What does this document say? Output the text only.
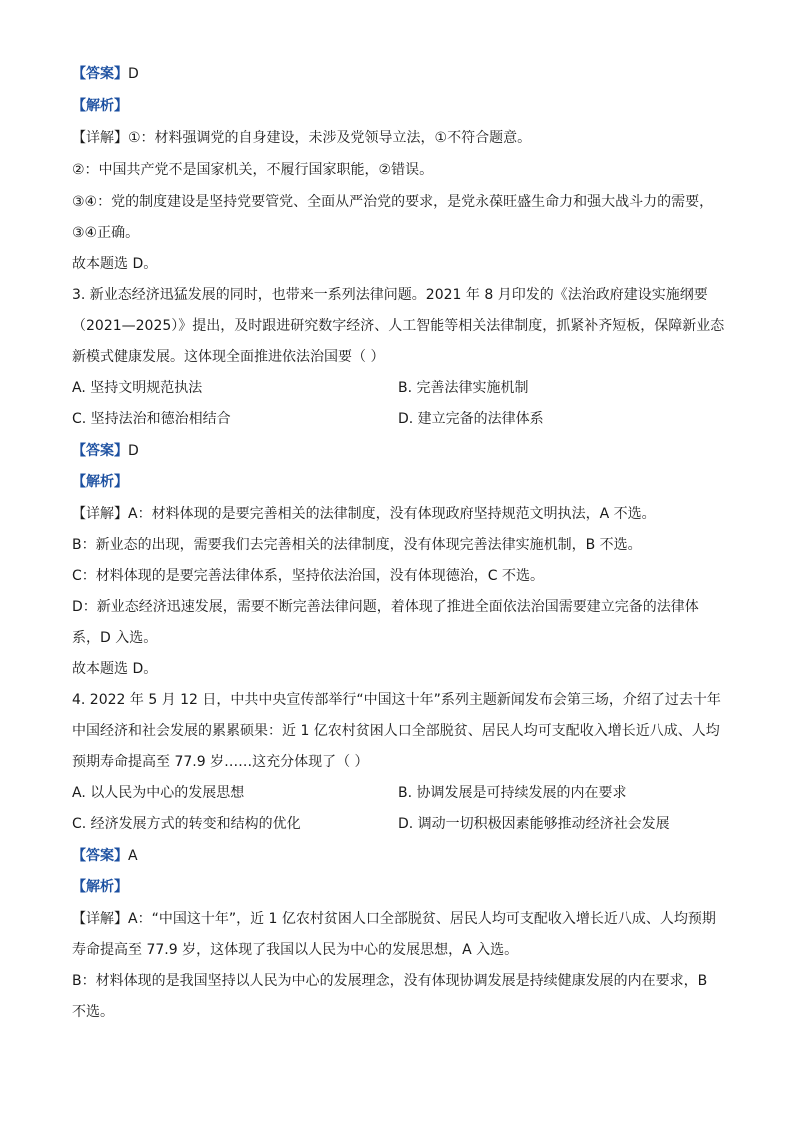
【答案】D
【解析】
【详解】①：材料强调党的自身建设，未涉及党领导立法，①不符合题意。
②：中国共产党不是国家机关，不履行国家职能，②错误。
③④：党的制度建设是坚持党要管党、全面从严治党的要求，是党永葆旺盛生命力和强大战斗力的需要，
③④正确。
故本题选 D。
3. 新业态经济迅猛发展的同时，也带来一系列法律问题。2021 年 8 月印发的《法治政府建设实施纲要
（2021—2025）》提出，及时跟进研究数字经济、人工智能等相关法律制度，抓紧补齐短板，保障新业态
新模式健康发展。这体现全面推进依法治国要（ ）
A. 坚持文明规范执法	B. 完善法律实施机制
C. 坚持法治和德治相结合	D. 建立完备的法律体系
【答案】D
【解析】
【详解】A：材料体现的是要完善相关的法律制度，没有体现政府坚持规范文明执法，A 不选。
B：新业态的出现，需要我们去完善相关的法律制度，没有体现完善法律实施机制，B 不选。
C：材料体现的是要完善法律体系，坚持依法治国，没有体现德治，C 不选。
D：新业态经济迅速发展，需要不断完善法律问题，着体现了推进全面依法治国需要建立完备的法律体
系，D 入选。
故本题选 D。
4. 2022 年 5 月 12 日，中共中央宣传部举行“中国这十年”系列主题新闻发布会第三场，介绍了过去十年
中国经济和社会发展的累累硕果：近 1 亿农村贫困人口全部脱贫、居民人均可支配收入增长近八成、人均
预期寿命提高至 77.9 岁……这充分体现了（ ）
A. 以人民为中心的发展思想	B. 协调发展是可持续发展的内在要求
C. 经济发展方式的转变和结构的优化	D. 调动一切积极因素能够推动经济社会发展
【答案】A
【解析】
【详解】A：“中国这十年”，近 1 亿农村贫困人口全部脱贫、居民人均可支配收入增长近八成、人均预期
寿命提高至 77.9 岁，这体现了我国以人民为中心的发展思想，A 入选。
B：材料体现的是我国坚持以人民为中心的发展理念，没有体现协调发展是持续健康发展的内在要求，B
不选。
